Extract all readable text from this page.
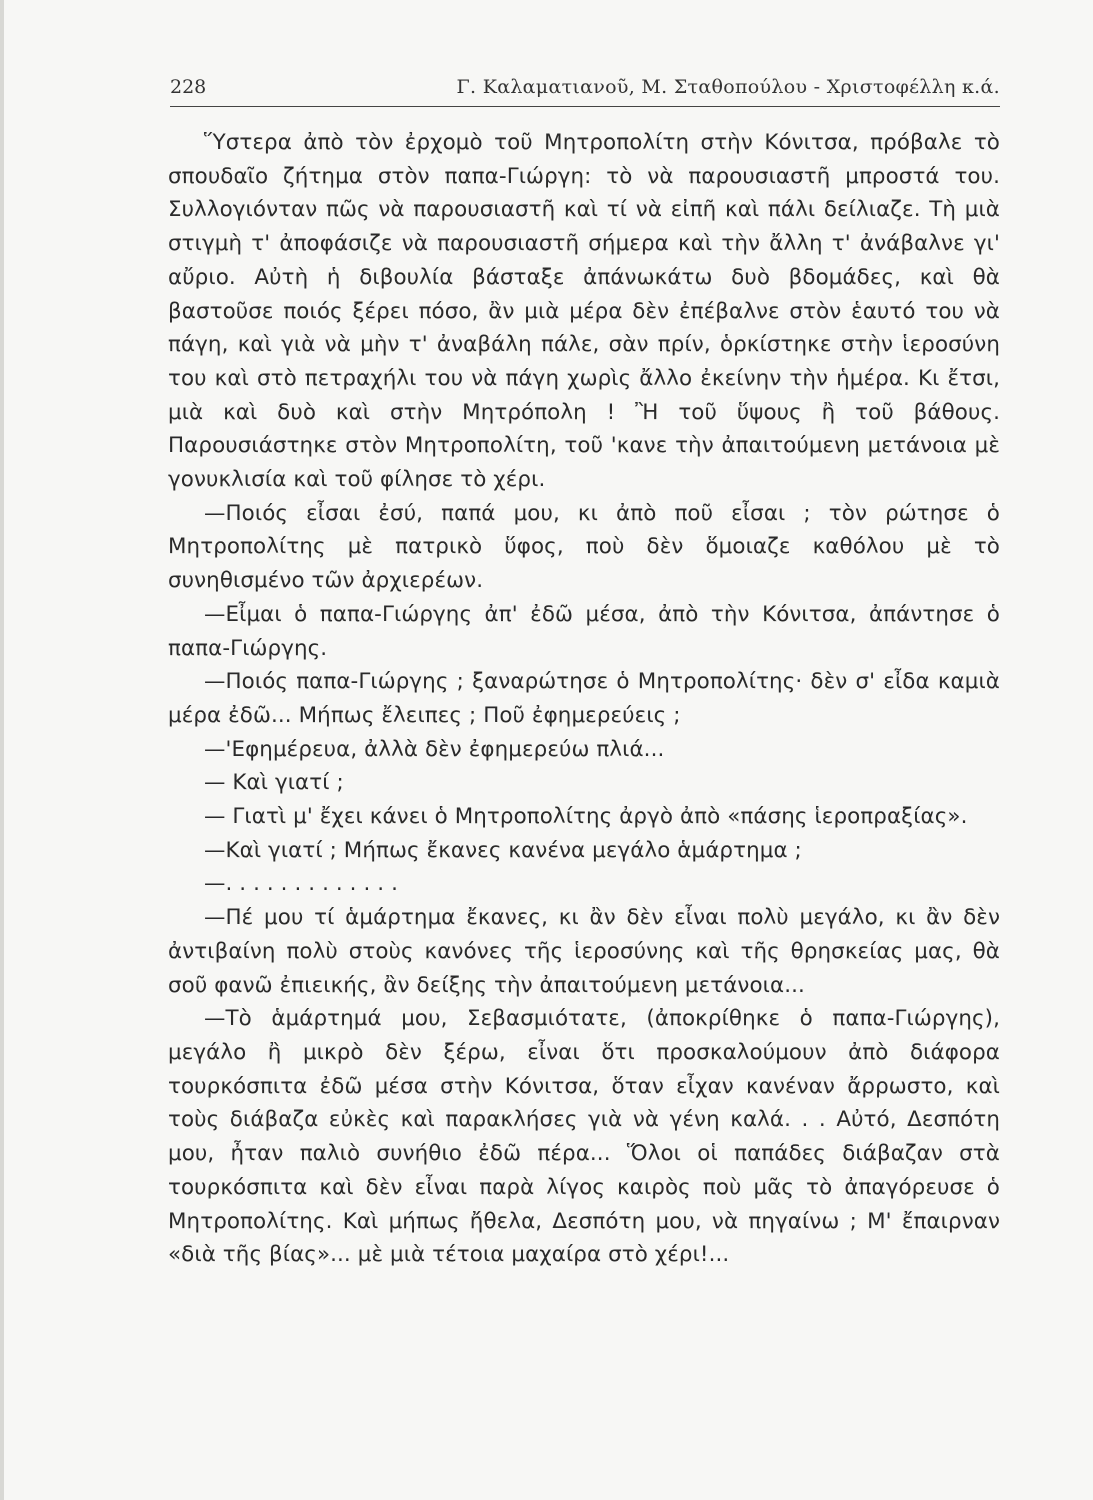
228	Γ. Καλαματιανοῦ, Μ. Σταθοπούλου - Χριστοφέλλη κ.ά.

Ὕστερα ἀπὸ τὸν ἐρχομὸ τοῦ Μητροπολίτη στὴν Κόνιτσα, πρόβαλε τὸ σπουδαῖο ζήτημα στὸν παπα-Γιώργη: τὸ νὰ παρουσιαστῆ μπροστά του. Συλλογιόνταν πῶς νὰ παρουσιαστῆ καὶ τί νὰ εἰπῆ καὶ πάλι δείλιαζε. Τὴ μιὰ στιγμὴ τ' ἀποφάσιζε νὰ παρουσιαστῆ σήμερα καὶ τὴν ἄλλη τ' ἀνάβαλνε γι' αὔριο. Αὐτὴ ἡ διβουλία βάσταξε ἀπάνωκάτω δυὸ βδομάδες, καὶ θὰ βαστοῦσε ποιός ξέρει πόσο, ἂν μιὰ μέρα δὲν ἐπέβαλνε στὸν ἑαυτό του νὰ πάγη, καὶ γιὰ νὰ μὴν τ' ἀναβάλη πάλε, σὰν πρίν, ὁρκίστηκε στὴν ἱεροσύνη του καὶ στὸ πετραχήλι του νὰ πάγη χωρὶς ἄλλο ἐκείνην τὴν ἡμέρα. Κι ἔτσι, μιὰ καὶ δυὸ καὶ στὴν Μητρόπολη ! Ἢ τοῦ ὕψους ἢ τοῦ βάθους. Παρουσιάστηκε στὸν Μητροπολίτη, τοῦ 'κανε τὴν ἀπαιτούμενη μετάνοια μὲ γονυκλισία καὶ τοῦ φίλησε τὸ χέρι.

—Ποιός εἶσαι ἐσύ, παπά μου, κι ἀπὸ ποῦ εἶσαι ; τὸν ρώτησε ὁ Μητροπολίτης μὲ πατρικὸ ὕφος, ποὺ δὲν ὅμοιαζε καθόλου μὲ τὸ συνηθισμένο τῶν ἀρχιερέων.

—Εἶμαι ὁ παπα-Γιώργης ἀπ' ἐδῶ μέσα, ἀπὸ τὴν Κόνιτσα, ἀπάντησε ὁ παπα-Γιώργης.

—Ποιός παπα-Γιώργης ; ξαναρώτησε ὁ Μητροπολίτης· δὲν σ' εἶδα καμιὰ μέρα ἐδῶ... Μήπως ἔλειπες ; Ποῦ ἐφημερεύεις ;

—'Εφημέρευα, ἀλλὰ δὲν ἐφημερεύω πλιά...

— Καὶ γιατί ;

— Γιατὶ μ' ἔχει κάνει ὁ Μητροπολίτης ἀργὸ ἀπὸ «πάσης ἱεροπραξίας».

—Καὶ γιατί ; Μήπως ἔκανες κανένα μεγάλο ἁμάρτημα ;

—. . . . . . . . . . . . .

—Πέ μου τί ἁμάρτημα ἔκανες, κι ἂν δὲν εἶναι πολὺ μεγάλο, κι ἂν δὲν ἀντιβαίνη πολὺ στοὺς κανόνες τῆς ἱεροσύνης καὶ τῆς θρησκείας μας, θὰ σοῦ φανῶ ἐπιεικής, ἂν δείξης τὴν ἀπαιτούμενη μετάνοια...

—Τὸ ἁμάρτημά μου, Σεβασμιότατε, (ἀποκρίθηκε ὁ παπα-Γιώργης), μεγάλο ἢ μικρὸ δὲν ξέρω, εἶναι ὅτι προσκαλούμουν ἀπὸ διάφορα τουρκόσπιτα ἐδῶ μέσα στὴν Κόνιτσα, ὅταν εἶχαν κανέναν ἄρρωστο, καὶ τοὺς διάβαζα εὐκὲς καὶ παρακλήσες γιὰ νὰ γένη καλά. . . Αὐτό, Δεσπότη μου, ἦταν παλιὸ συνήθιο ἐδῶ πέρα... Ὅλοι οἱ παπάδες διάβαζαν στὰ τουρκόσπιτα καὶ δὲν εἶναι παρὰ λίγος καιρὸς ποὺ μᾶς τὸ ἀπαγόρευσε ὁ Μητροπολίτης. Καὶ μήπως ἤθελα, Δεσπότη μου, νὰ πηγαίνω ; Μ' ἔπαιρναν «διὰ τῆς βίας»... μὲ μιὰ τέτοια μαχαίρα στὸ χέρι!...
